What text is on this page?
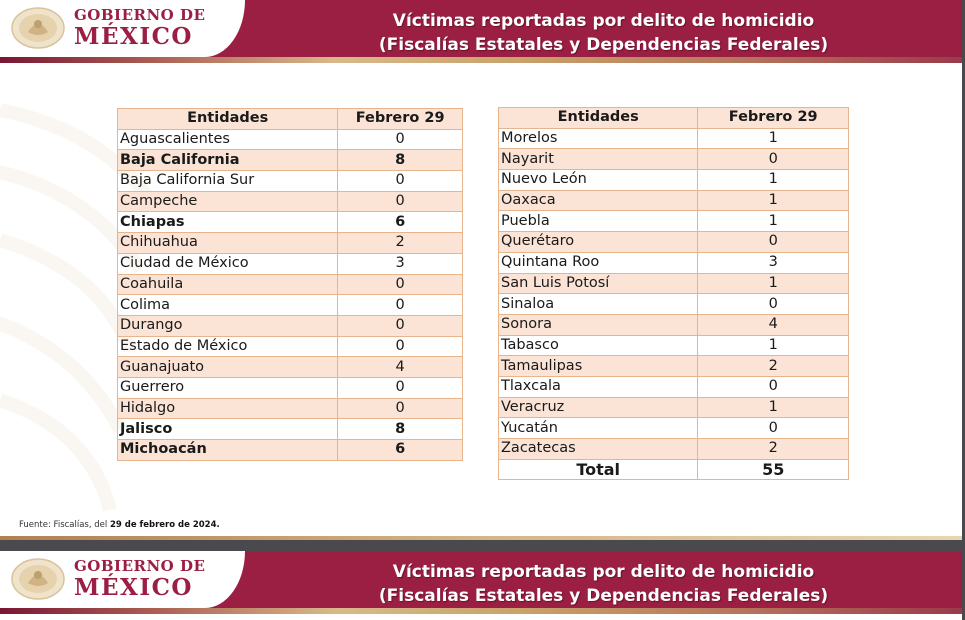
GOBIERNO DE
MÉXICO
Víctimas reportadas por delito de homicidio
(Fiscalías Estatales y Dependencias Federales)
Entidades	Febrero 29
Aguascalientes	0
Baja California	8
Baja California Sur	0
Campeche	0
Chiapas	6
Chihuahua	2
Ciudad de México	3
Coahuila	0
Colima	0
Durango	0
Estado de México	0
Guanajuato	4
Guerrero	0
Hidalgo	0
Jalisco	8
Michoacán	6
Entidades	Febrero 29
Morelos	1
Nayarit	0
Nuevo León	1
Oaxaca	1
Puebla	1
Querétaro	0
Quintana Roo	3
San Luis Potosí	1
Sinaloa	0
Sonora	4
Tabasco	1
Tamaulipas	2
Tlaxcala	0
Veracruz	1
Yucatán	0
Zacatecas	2
Total	55
Fuente: Fiscalías, del 29 de febrero de 2024.
GOBIERNO DE
MÉXICO
Víctimas reportadas por delito de homicidio
(Fiscalías Estatales y Dependencias Federales)
